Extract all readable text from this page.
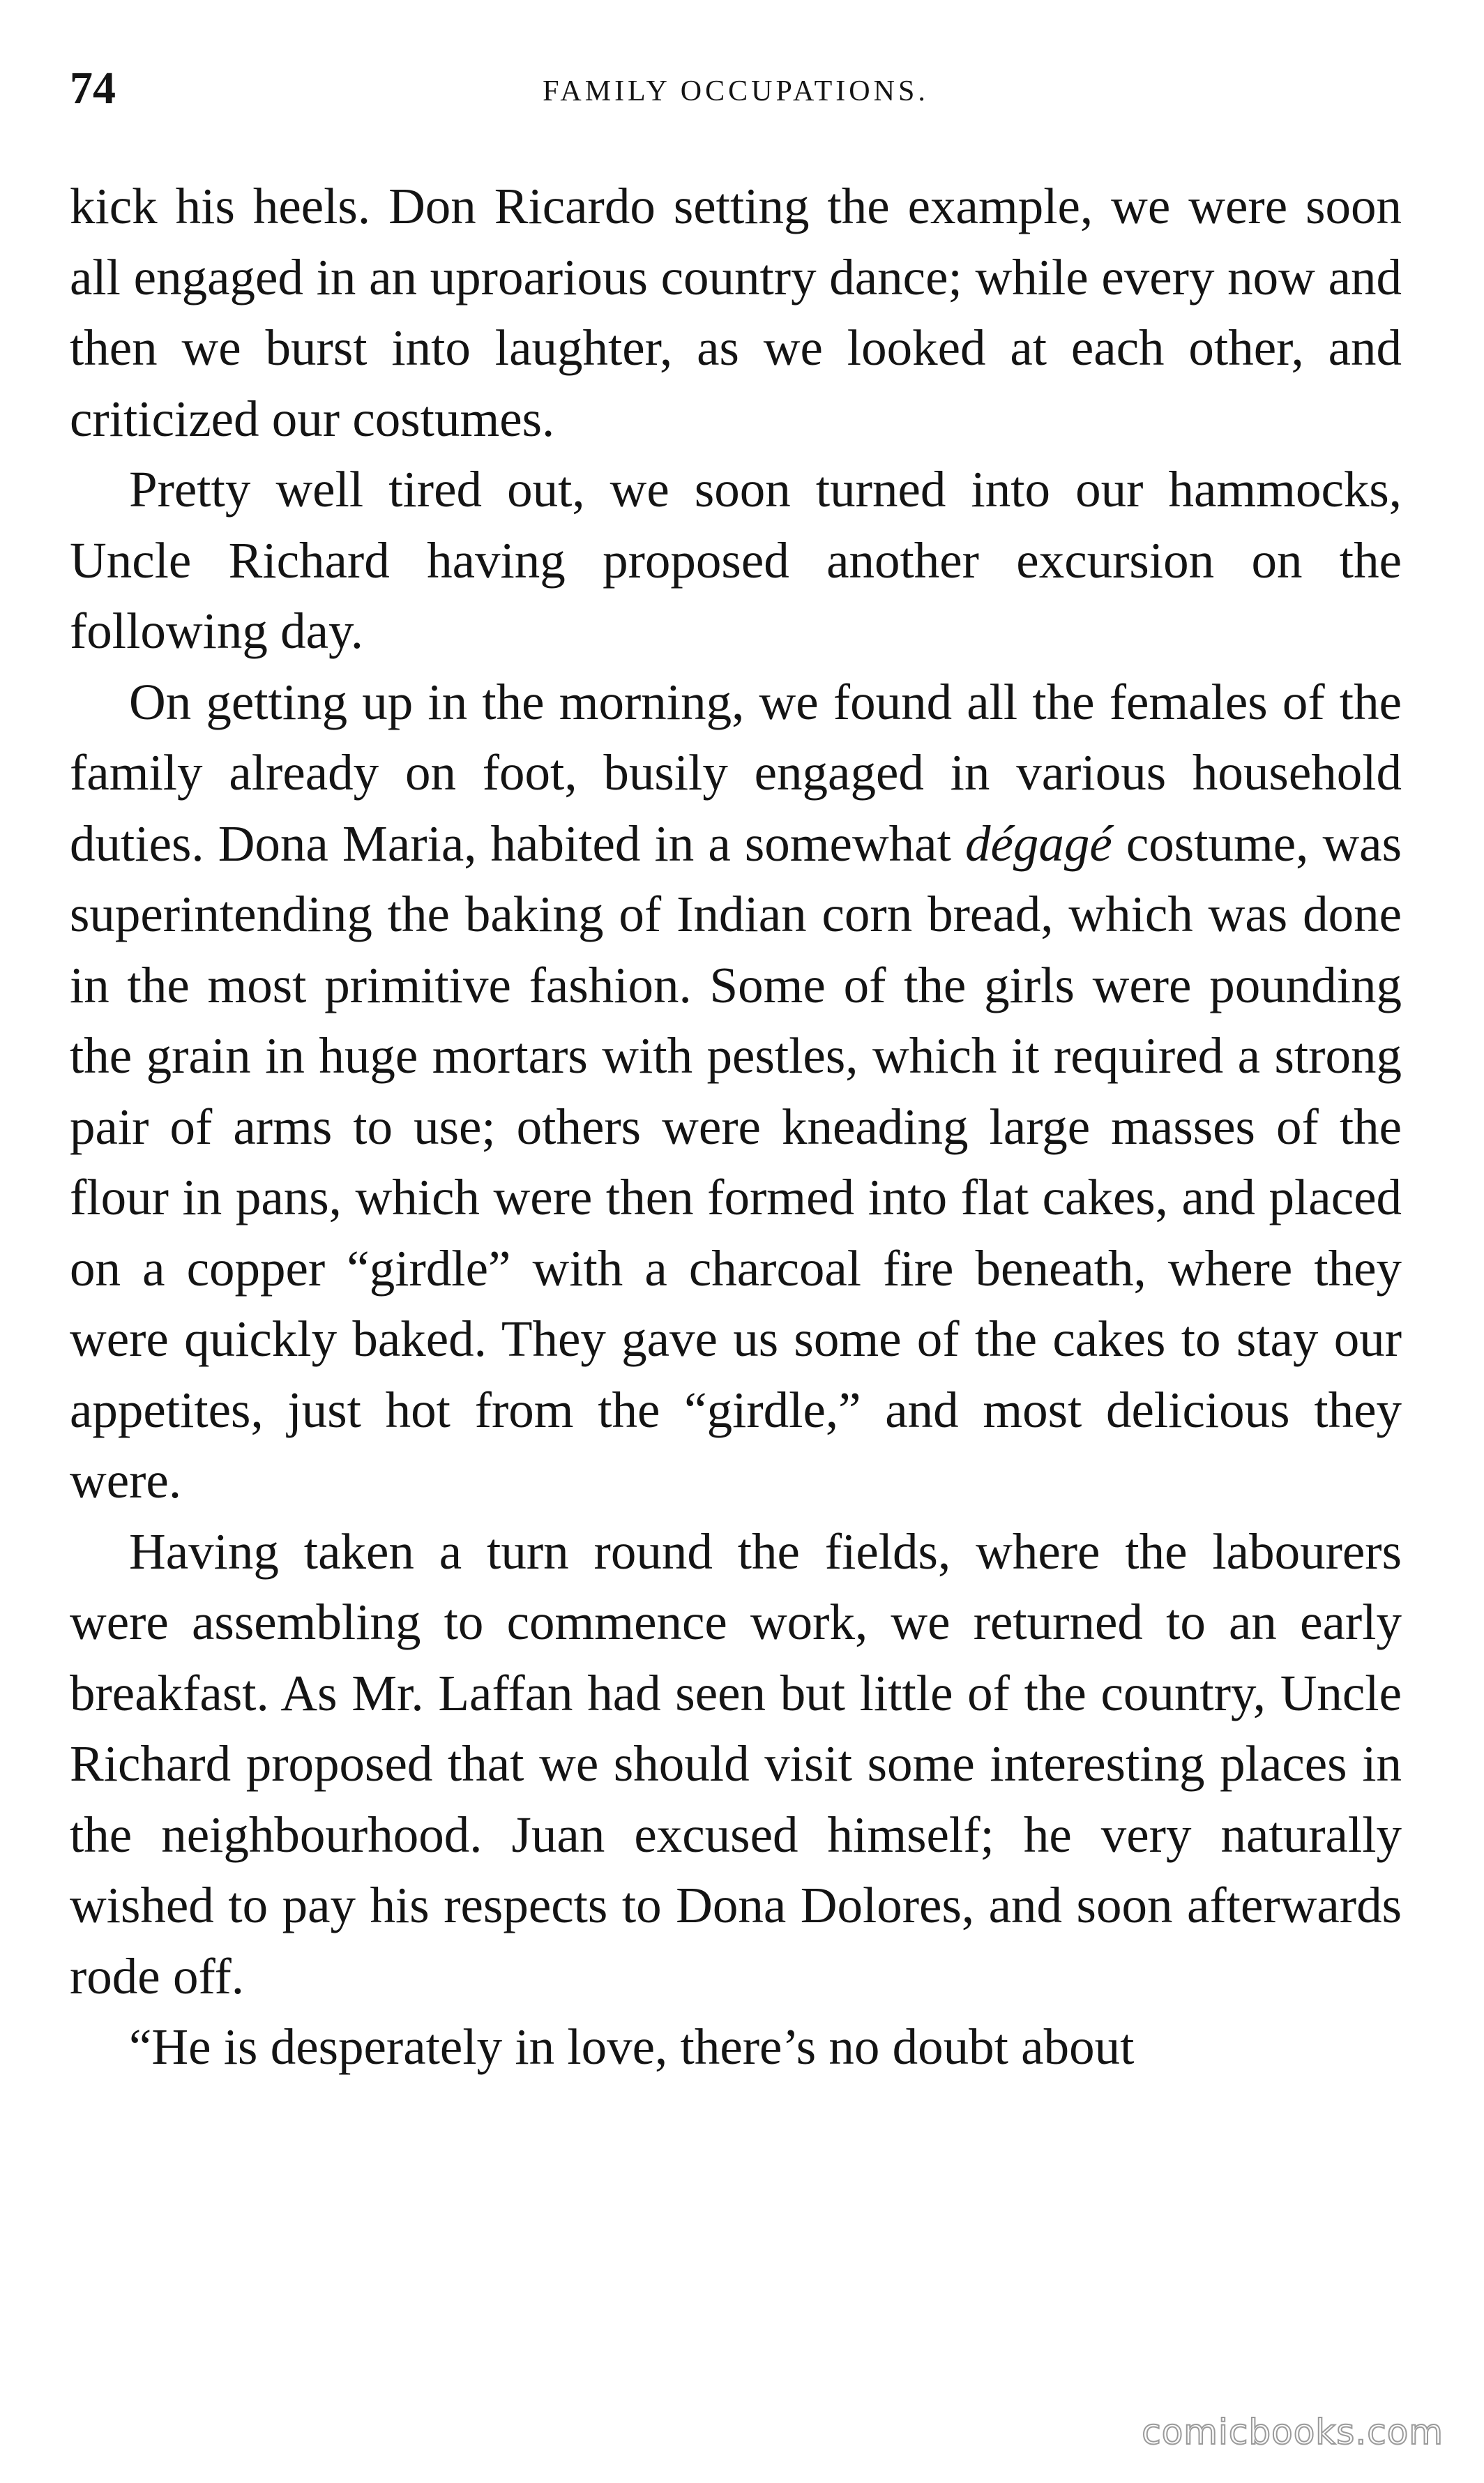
74	FAMILY OCCUPATIONS.

kick his heels. Don Ricardo setting the example, we were soon all engaged in an uproarious country dance; while every now and then we burst into laughter, as we looked at each other, and criticized our costumes.

Pretty well tired out, we soon turned into our hammocks, Uncle Richard having proposed another excursion on the following day.

On getting up in the morning, we found all the females of the family already on foot, busily engaged in various household duties. Dona Maria, habited in a somewhat dégagé costume, was superintending the baking of Indian corn bread, which was done in the most primitive fashion. Some of the girls were pounding the grain in huge mortars with pestles, which it required a strong pair of arms to use; others were kneading large masses of the flour in pans, which were then formed into flat cakes, and placed on a copper “girdle” with a charcoal fire beneath, where they were quickly baked. They gave us some of the cakes to stay our appetites, just hot from the “girdle,” and most delicious they were.

Having taken a turn round the fields, where the labourers were assembling to commence work, we returned to an early breakfast. As Mr. Laffan had seen but little of the country, Uncle Richard proposed that we should visit some interesting places in the neighbourhood. Juan excused himself; he very naturally wished to pay his respects to Dona Dolores, and soon afterwards rode off.

“He is desperately in love, there’s no doubt about

comicbooks.com
